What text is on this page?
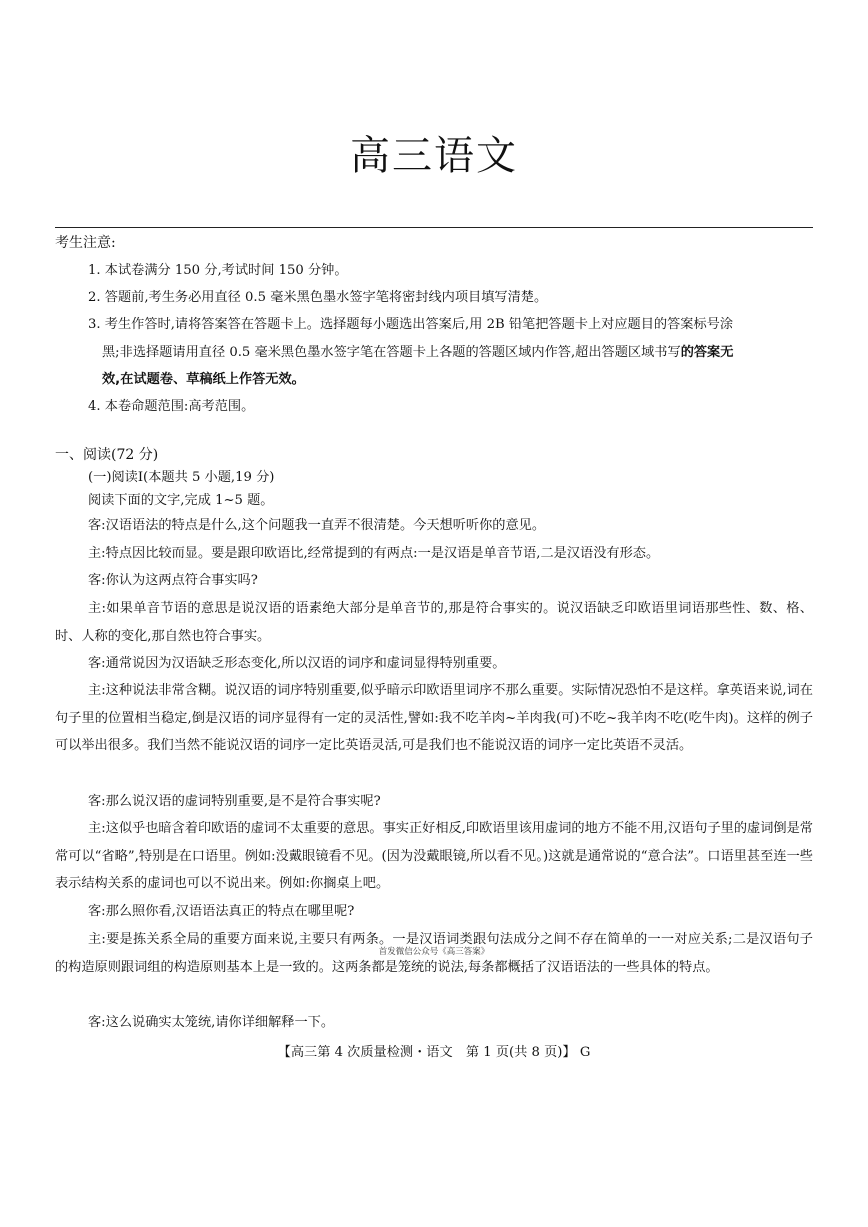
高三语文
考生注意:
1. 本试卷满分 150 分,考试时间 150 分钟。
2. 答题前,考生务必用直径 0.5 毫米黑色墨水签字笔将密封线内项目填写清楚。
3. 考生作答时,请将答案答在答题卡上。选择题每小题选出答案后,用 2B 铅笔把答题卡上对应题目的答案标号涂
黑;非选择题请用直径 0.5 毫米黑色墨水签字笔在答题卡上各题的答题区域内作答,超出答题区域书写的答案无
效,在试题卷、草稿纸上作答无效。
4. 本卷命题范围:高考范围。
一、阅读(72 分)
(一)阅读Ⅰ(本题共 5 小题,19 分)
阅读下面的文字,完成 1~5 题。
客:汉语语法的特点是什么,这个问题我一直弄不很清楚。今天想听听你的意见。
主:特点因比较而显。要是跟印欧语比,经常提到的有两点:一是汉语是单音节语,二是汉语没有形态。
客:你认为这两点符合事实吗?
主:如果单音节语的意思是说汉语的语素绝大部分是单音节的,那是符合事实的。说汉语缺乏印欧语里词语那些性、数、格、时、人称的变化,那自然也符合事实。
客:通常说因为汉语缺乏形态变化,所以汉语的词序和虚词显得特别重要。
主:这种说法非常含糊。说汉语的词序特别重要,似乎暗示印欧语里词序不那么重要。实际情况恐怕不是这样。拿英语来说,词在句子里的位置相当稳定,倒是汉语的词序显得有一定的灵活性,譬如:我不吃羊肉~羊肉我(可)不吃~我羊肉不吃(吃牛肉)。这样的例子可以举出很多。我们当然不能说汉语的词序一定比英语灵活,可是我们也不能说汉语的词序一定比英语不灵活。
客:那么说汉语的虚词特别重要,是不是符合事实呢?
主:这似乎也暗含着印欧语的虚词不太重要的意思。事实正好相反,印欧语里该用虚词的地方不能不用,汉语句子里的虚词倒是常常可以“省略”,特别是在口语里。例如:没戴眼镜看不见。(因为没戴眼镜,所以看不见。)这就是通常说的“意合法”。口语里甚至连一些表示结构关系的虚词也可以不说出来。例如:你搁桌上吧。
客:那么照你看,汉语语法真正的特点在哪里呢?
主:要是拣关系全局的重要方面来说,主要只有两条。一是汉语词类跟句法成分之间不存在简单的一一对应关系;二是汉语句子的构造原则跟词组的构造原则基本上是一致的。这两条都是笼统的说法,每条都概括了汉语语法的一些具体的特点。
客:这么说确实太笼统,请你详细解释一下。
首发微信公众号《高三答案》
【高三第 4 次质量检测・语文　第 1 页(共 8 页)】 G
